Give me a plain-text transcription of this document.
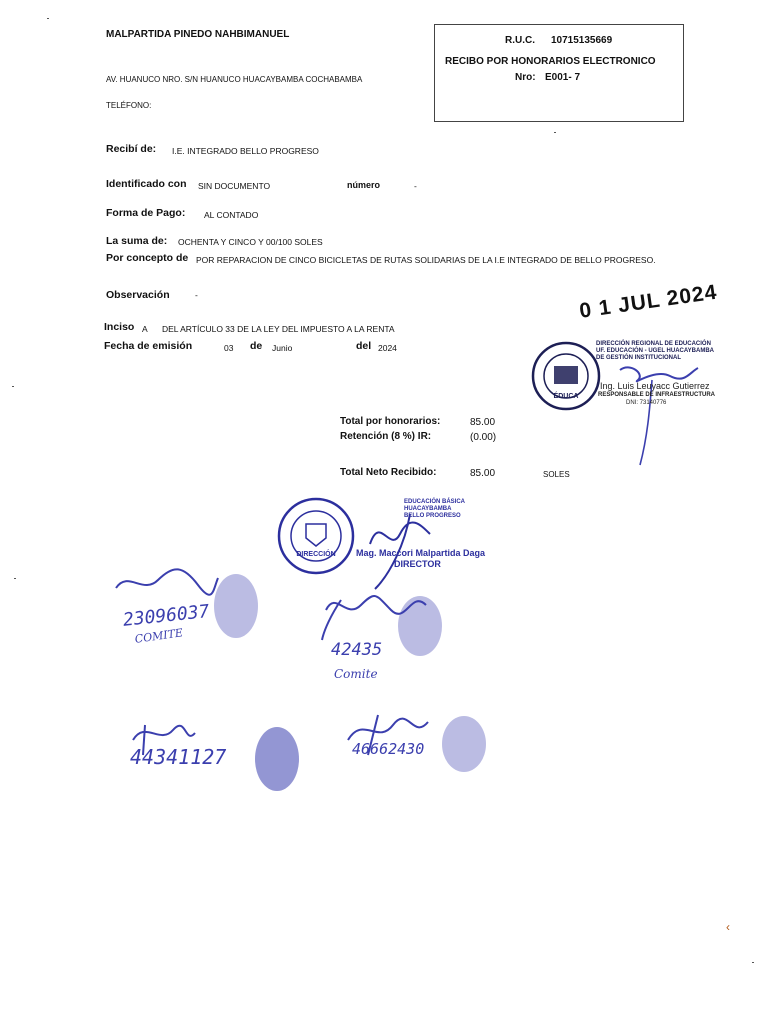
MALPARTIDA PINEDO NAHBIMANUEL
AV. HUANUCO NRO. S/N HUANUCO HUACAYBAMBA COCHABAMBA
TELÉFONO:
R.U.C. 10715135669
RECIBO POR HONORARIOS ELECTRONICO
Nro: E001- 7
Recibí de: I.E. INTEGRADO BELLO PROGRESO
Identificado con SIN DOCUMENTO	número	-
Forma de Pago: AL CONTADO
La suma de: OCHENTA Y CINCO Y 00/100 SOLES
Por concepto de POR REPARACION DE CINCO BICICLETAS DE RUTAS SOLIDARIAS DE LA I.E INTEGRADO DE BELLO PROGRESO.
Observación	-
Inciso A DEL ARTÍCULO 33 DE LA LEY DEL IMPUESTO A LA RENTA
Fecha de emisión	03 de Junio	del 2024
Total por honorarios:	85.00
Retención (8 %) IR:	(0.00)
Total Neto Recibido:	85.00	SOLES
0 1 JUL 2024
ÉDUCA
DIRECCIÓN REGIONAL DE EDUCACIÓN
UF. EDUCACIÓN - UGEL HUACAYBAMBA
DE GESTIÓN INSTITUCIONAL
Ing. Luis Leuyacc Gutierrez
RESPONSABLE DE INFRAESTRUCTURA
DNI: 73140776
DIRECCIÓN
EDUCACIÓN BÁSICA
HUACAYBAMBA
BELLO PROGRESO
Mag. Maccori Malpartida Daga
DIRECTOR
23096037
COMITE
42435
Comite
44341127	46662430
‹
